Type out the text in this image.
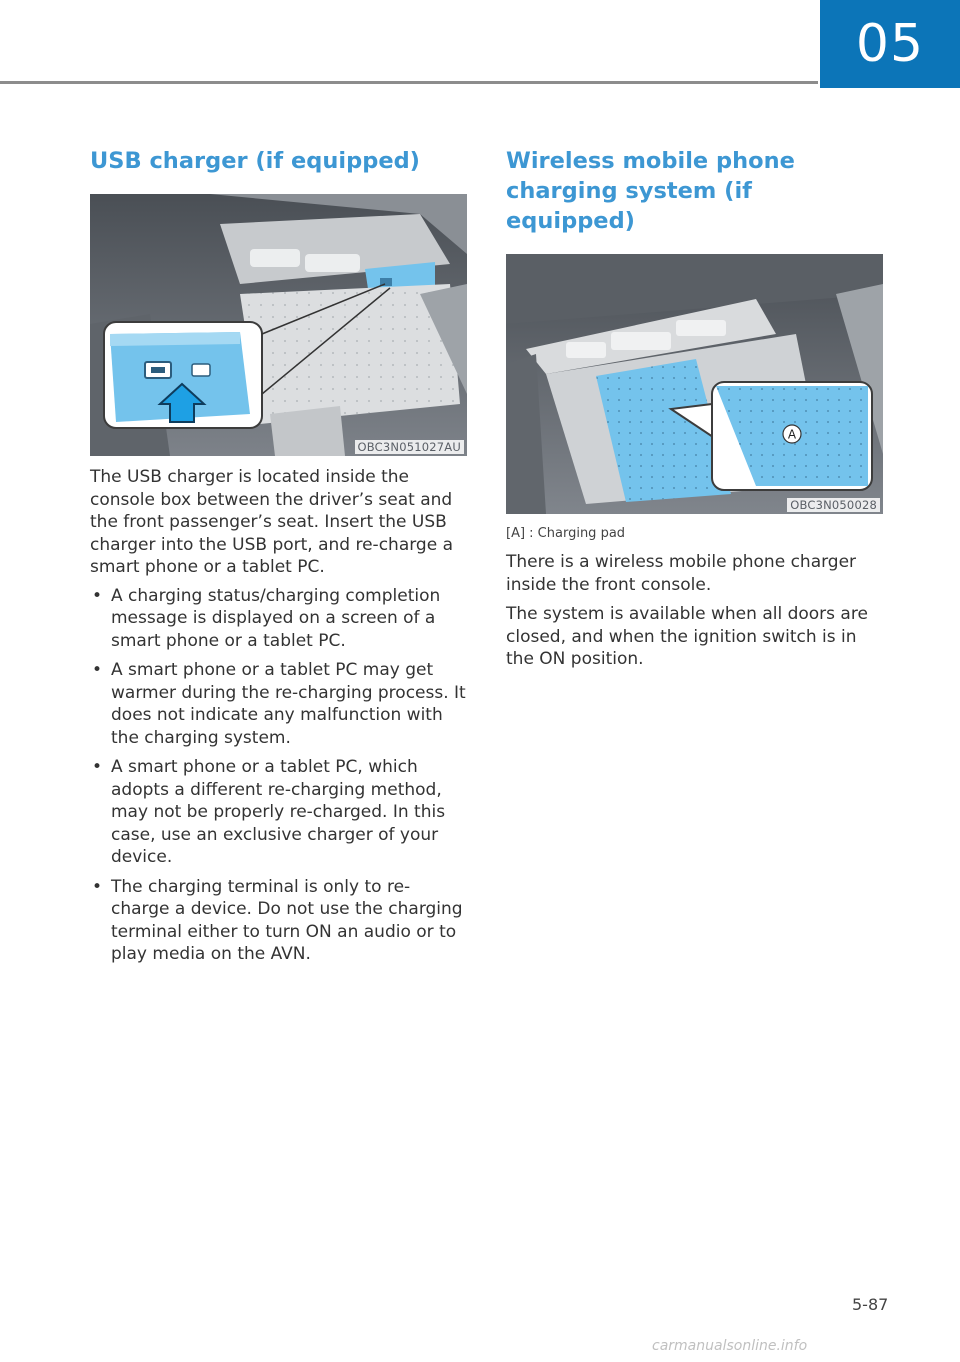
05
USB charger (if equipped)
OBC3N051027AU

The USB charger is located inside the console box between the driver’s seat and the front passenger’s seat. Insert the USB charger into the USB port, and re-charge a smart phone or a tablet PC.

• A charging status/charging completion message is displayed on a screen of a smart phone or a tablet PC.
• A smart phone or a tablet PC may get warmer during the re-charging process. It does not indicate any malfunction with the charging system.
• A smart phone or a tablet PC, which adopts a different re-charging method, may not be properly re-charged. In this case, use an exclusive charger of your device.
• The charging terminal is only to re-charge a device. Do not use the charging terminal either to turn ON an audio or to play media on the AVN.
Wireless mobile phone charging system (if equipped)
A
OBC3N050028

[A] : Charging pad

There is a wireless mobile phone charger inside the front console.

The system is available when all doors are closed, and when the ignition switch is in the ON position.

5-87
carmanualsonline.info
